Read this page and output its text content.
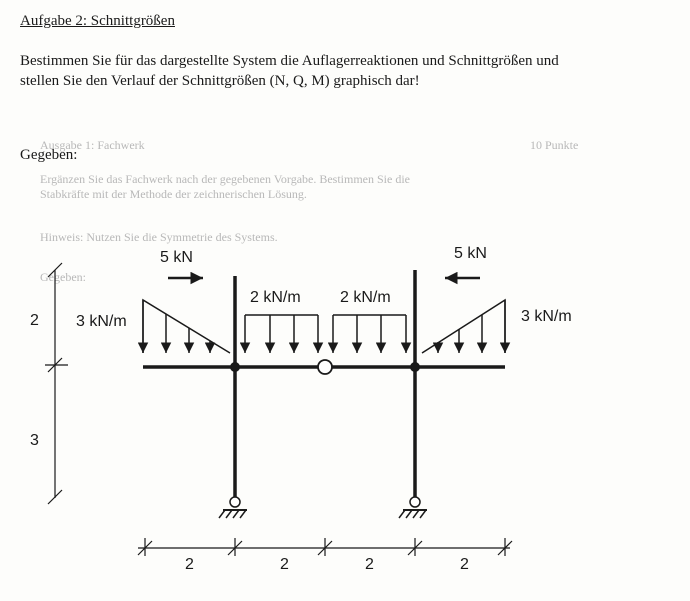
Ausgabe 1: Fachwerk
Ergänzen Sie das Fachwerk nach der gegebenen Vorgabe. Bestimmen Sie die
Stabkräfte mit der Methode der zeichnerischen Lösung.
Hinweis: Nutzen Sie die Symmetrie des Systems.
Gegeben:
10 Punkte
Aufgabe 2: Schnittgrößen
Bestimmen Sie für das dargestellte System die Auflagerreaktionen und Schnittgrößen und
stellen Sie den Verlauf der Schnittgrößen (N, Q, M) graphisch dar!
Gegeben:
2
3
3 kN/m	3 kN/m
2 kN/m 2 kN/m
5 kN	5 kN
2	2	2	2
